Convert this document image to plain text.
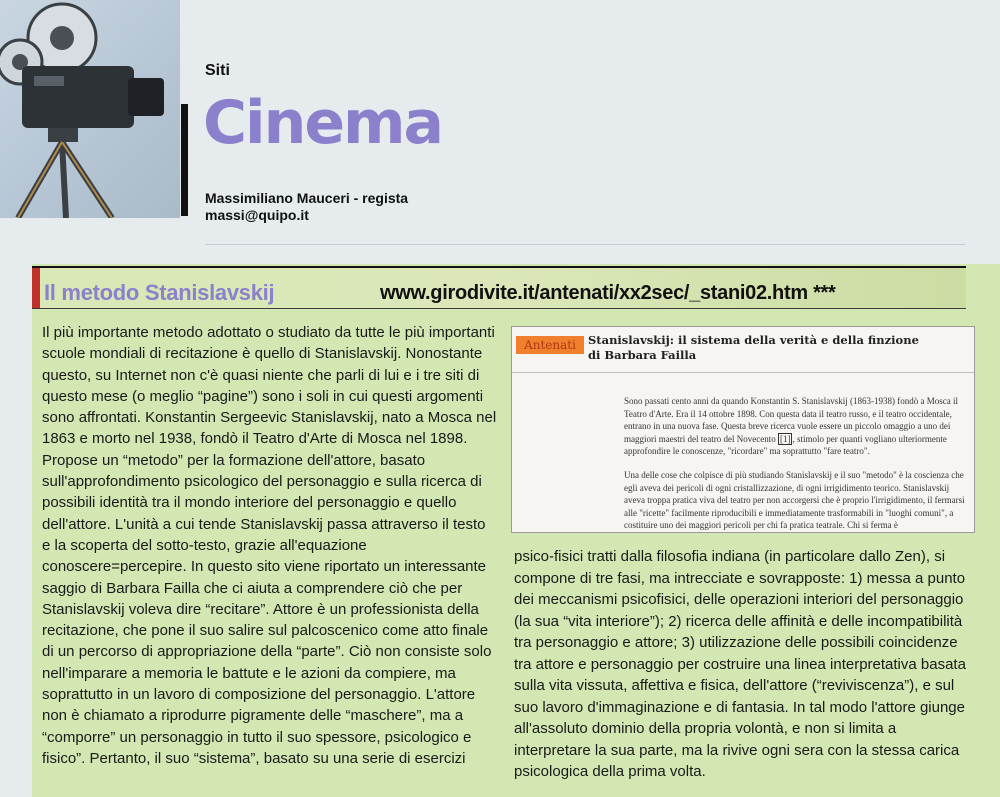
Siti
Cinema
Massimiliano Mauceri - regista
massi@quipo.it
Il metodo Stanislavskij	www.girodivite.it/antenati/xx2sec/_stani02.htm ***
Il più importante metodo adottato o studiato da tutte le più importanti scuole mondiali di recitazione è quello di Stanislavskij. Nonostante questo, su Internet non c'è quasi niente che parli di lui e i tre siti di questo mese (o meglio “pagine”) sono i soli in cui questi argomenti sono affrontati. Konstantin Sergeevic Stanislavskij, nato a Mosca nel 1863 e morto nel 1938, fondò il Teatro d'Arte di Mosca nel 1898. Propose un “metodo” per la formazione dell'attore, basato sull'approfondimento psicologico del personaggio e sulla ricerca di possibili identità tra il mondo interiore del personaggio e quello dell'attore. L'unità a cui tende Stanislavskij passa attraverso il testo e la scoperta del sotto-testo, grazie all'equazione conoscere=percepire. In questo sito viene riportato un interessante saggio di Barbara Failla che ci aiuta a comprendere ciò che per Stanislavskij voleva dire “recitare”. Attore è un professionista della recitazione, che pone il suo salire sul palcoscenico come atto finale di un percorso di appropriazione della “parte”. Ciò non consiste solo nell'imparare a memoria le battute e le azioni da compiere, ma soprattutto in un lavoro di composizione del personaggio. L'attore non è chiamato a riprodurre pigramente delle “maschere”, ma a “comporre” un personaggio in tutto il suo spessore, psicologico e fisico”. Pertanto, il suo “sistema”, basato su una serie di esercizi
Antenati	Stanislavskij: il sistema della verità e della finzione
di Barbara Failla
Sono passati cento anni da quando Konstantin S. Stanislavskij (1863-1938) fondò a Mosca il Teatro d'Arte. Era il 14 ottobre 1898. Con questa data il teatro russo, e il teatro occidentale, entrano in una nuova fase. Questa breve ricerca vuole essere un piccolo omaggio a uno dei maggiori maestri del teatro del Novecento [1] , stimolo per quanti vogliano ulteriormente approfondire le conoscenze, "ricordare" ma soprattutto "fare teatro".
Una delle cose che colpisce di più studiando Stanislavskij e il suo "metodo" è la coscienza che egli aveva dei pericoli di ogni cristallizzazione, di ogni irrigidimento teorico. Stanislavskij aveva troppa pratica viva del teatro per non accorgersi che è proprio l'irrigidimento, il fermarsi alle "ricette" facilmente riproducibili e immediatamente trasformabili in "luoghi comuni", a costituire uno dei maggiori pericoli per chi fa pratica teatrale. Chi si ferma è
psico-fisici tratti dalla filosofia indiana (in particolare dallo Zen), si compone di tre fasi, ma intrecciate e sovrapposte: 1) messa a punto dei meccanismi psicofisici, delle operazioni interiori del personaggio (la sua “vita interiore”); 2) ricerca delle affinità e delle incompatibilità tra personaggio e attore; 3) utilizzazione delle possibili coincidenze tra attore e personaggio per costruire una linea interpretativa basata sulla vita vissuta, affettiva e fisica, dell'attore (“reviviscenza”), e sul suo lavoro d'immaginazione e di fantasia. In tal modo l'attore giunge all'assoluto dominio della propria volontà, e non si limita a interpretare la sua parte, ma la rivive ogni sera con la stessa carica psicologica della prima volta.
